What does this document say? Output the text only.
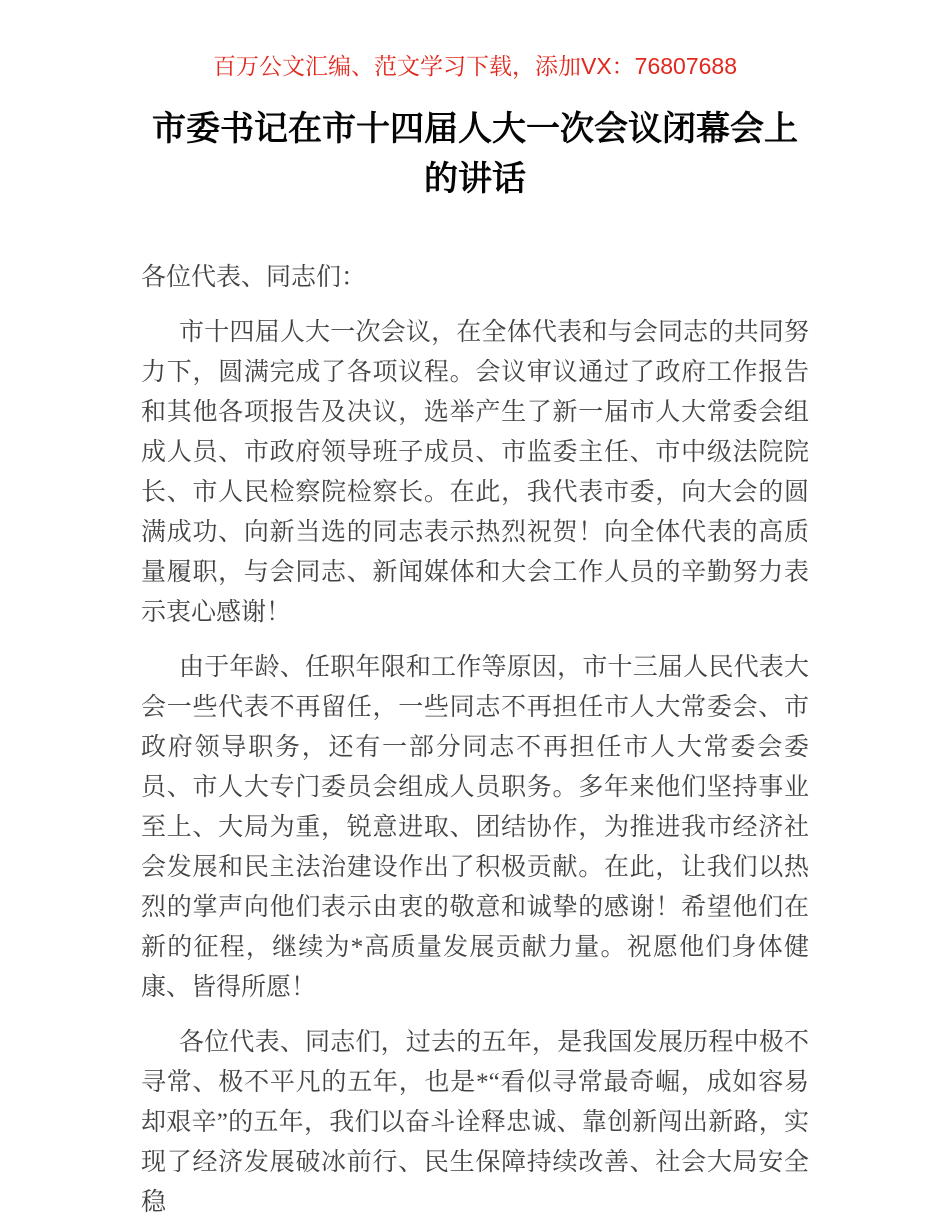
百万公文汇编、范文学习下载，添加VX：76807688
市委书记在市十四届人大一次会议闭幕会上的讲话

各位代表、同志们：

市十四届人大一次会议，在全体代表和与会同志的共同努力下，圆满完成了各项议程。会议审议通过了政府工作报告和其他各项报告及决议，选举产生了新一届市人大常委会组成人员、市政府领导班子成员、市监委主任、市中级法院院长、市人民检察院检察长。在此，我代表市委，向大会的圆满成功、向新当选的同志表示热烈祝贺！向全体代表的高质量履职，与会同志、新闻媒体和大会工作人员的辛勤努力表示衷心感谢！

由于年龄、任职年限和工作等原因，市十三届人民代表大会一些代表不再留任，一些同志不再担任市人大常委会、市政府领导职务，还有一部分同志不再担任市人大常委会委员、市人大专门委员会组成人员职务。多年来他们坚持事业至上、大局为重，锐意进取、团结协作，为推进我市经济社会发展和民主法治建设作出了积极贡献。在此，让我们以热烈的掌声向他们表示由衷的敬意和诚挚的感谢！希望他们在新的征程，继续为*高质量发展贡献力量。祝愿他们身体健康、皆得所愿！

各位代表、同志们，过去的五年，是我国发展历程中极不寻常、极不平凡的五年，也是*“看似寻常最奇崛，成如容易却艰辛”的五年，我们以奋斗诠释忠诚、靠创新闯出新路，实现了经济发展破冰前行、民生保障持续改善、社会大局安全稳
